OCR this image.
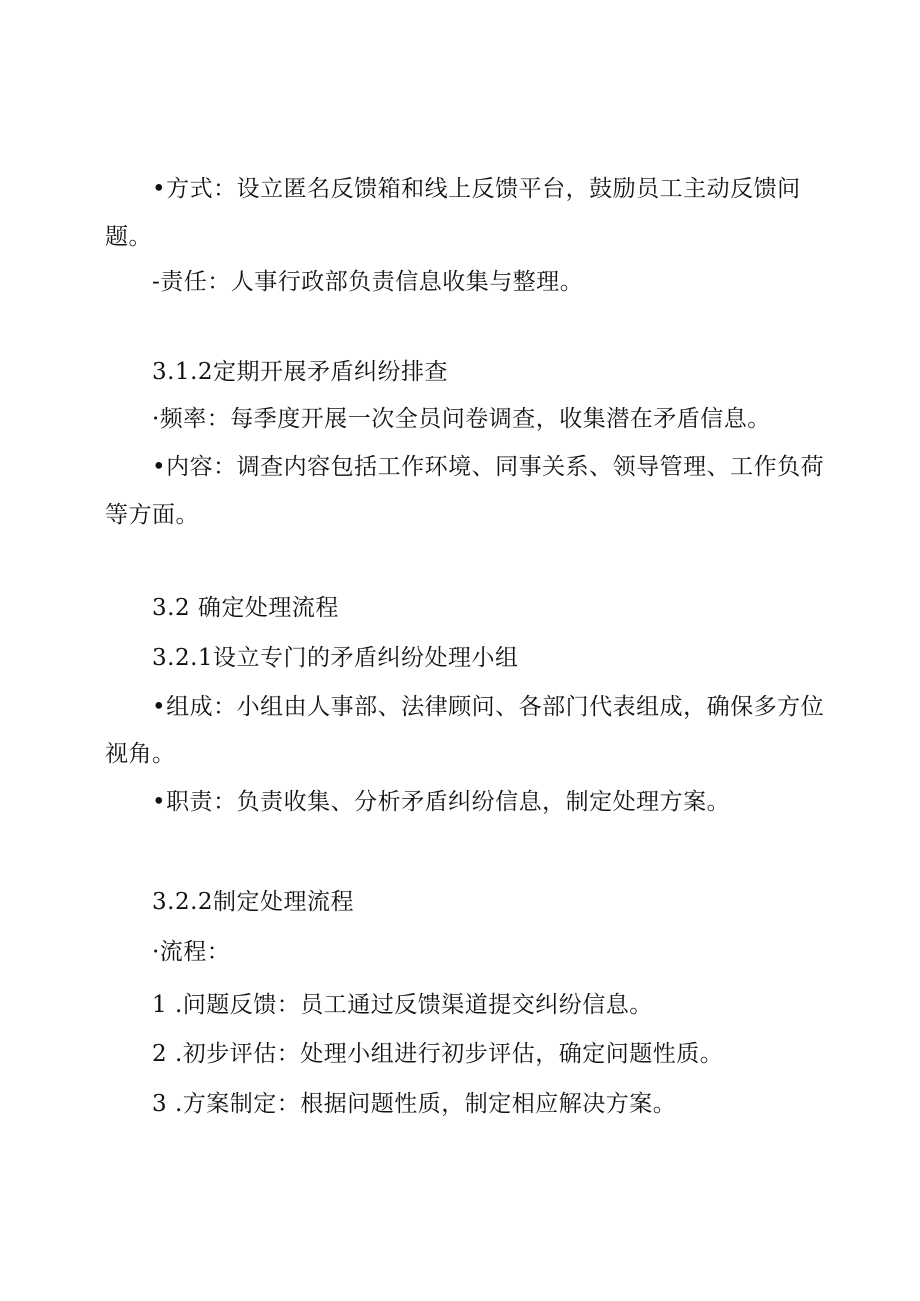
•方式：设立匿名反馈箱和线上反馈平台，鼓励员工主动反馈问
题。
-责任：人事行政部负责信息收集与整理。
3.1.2定期开展矛盾纠纷排查
·频率：每季度开展一次全员问卷调查，收集潜在矛盾信息。
•内容：调查内容包括工作环境、同事关系、领导管理、工作负荷
等方面。
3.2 确定处理流程
3.2.1设立专门的矛盾纠纷处理小组
•组成：小组由人事部、法律顾问、各部门代表组成，确保多方位
视角。
•职责：负责收集、分析矛盾纠纷信息，制定处理方案。
3.2.2制定处理流程
·流程：
1 .问题反馈：员工通过反馈渠道提交纠纷信息。
2 .初步评估：处理小组进行初步评估，确定问题性质。
3 .方案制定：根据问题性质，制定相应解决方案。
